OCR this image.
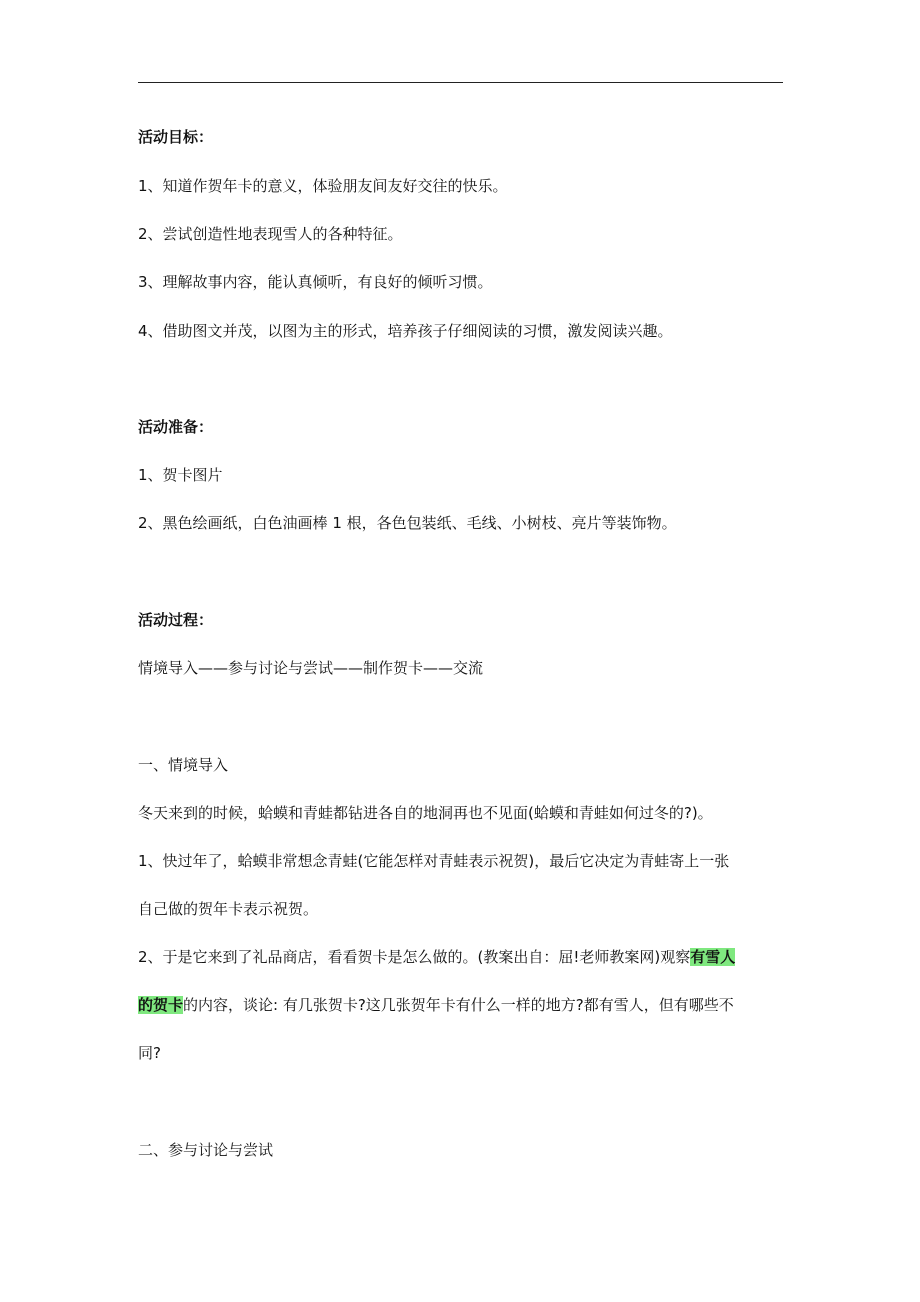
活动目标：
1、知道作贺年卡的意义，体验朋友间友好交往的快乐。
2、尝试创造性地表现雪人的各种特征。
3、理解故事内容，能认真倾听，有良好的倾听习惯。
4、借助图文并茂，以图为主的形式，培养孩子仔细阅读的习惯，激发阅读兴趣。
活动准备：
1、贺卡图片
2、黑色绘画纸，白色油画棒 1 根，各色包装纸、毛线、小树枝、亮片等装饰物。
活动过程：
情境导入——参与讨论与尝试——制作贺卡——交流
一、情境导入
冬天来到的时候，蛤蟆和青蛙都钻进各自的地洞再也不见面(蛤蟆和青蛙如何过冬的?)。
1、快过年了，蛤蟆非常想念青蛙(它能怎样对青蛙表示祝贺)，最后它决定为青蛙寄上一张
自己做的贺年卡表示祝贺。
2、于是它来到了礼品商店，看看贺卡是怎么做的。(教案出自：屈!老师教案网)观察有雪人
的贺卡的内容，谈论: 有几张贺卡?这几张贺年卡有什么一样的地方?都有雪人，但有哪些不
同?
二、参与讨论与尝试
